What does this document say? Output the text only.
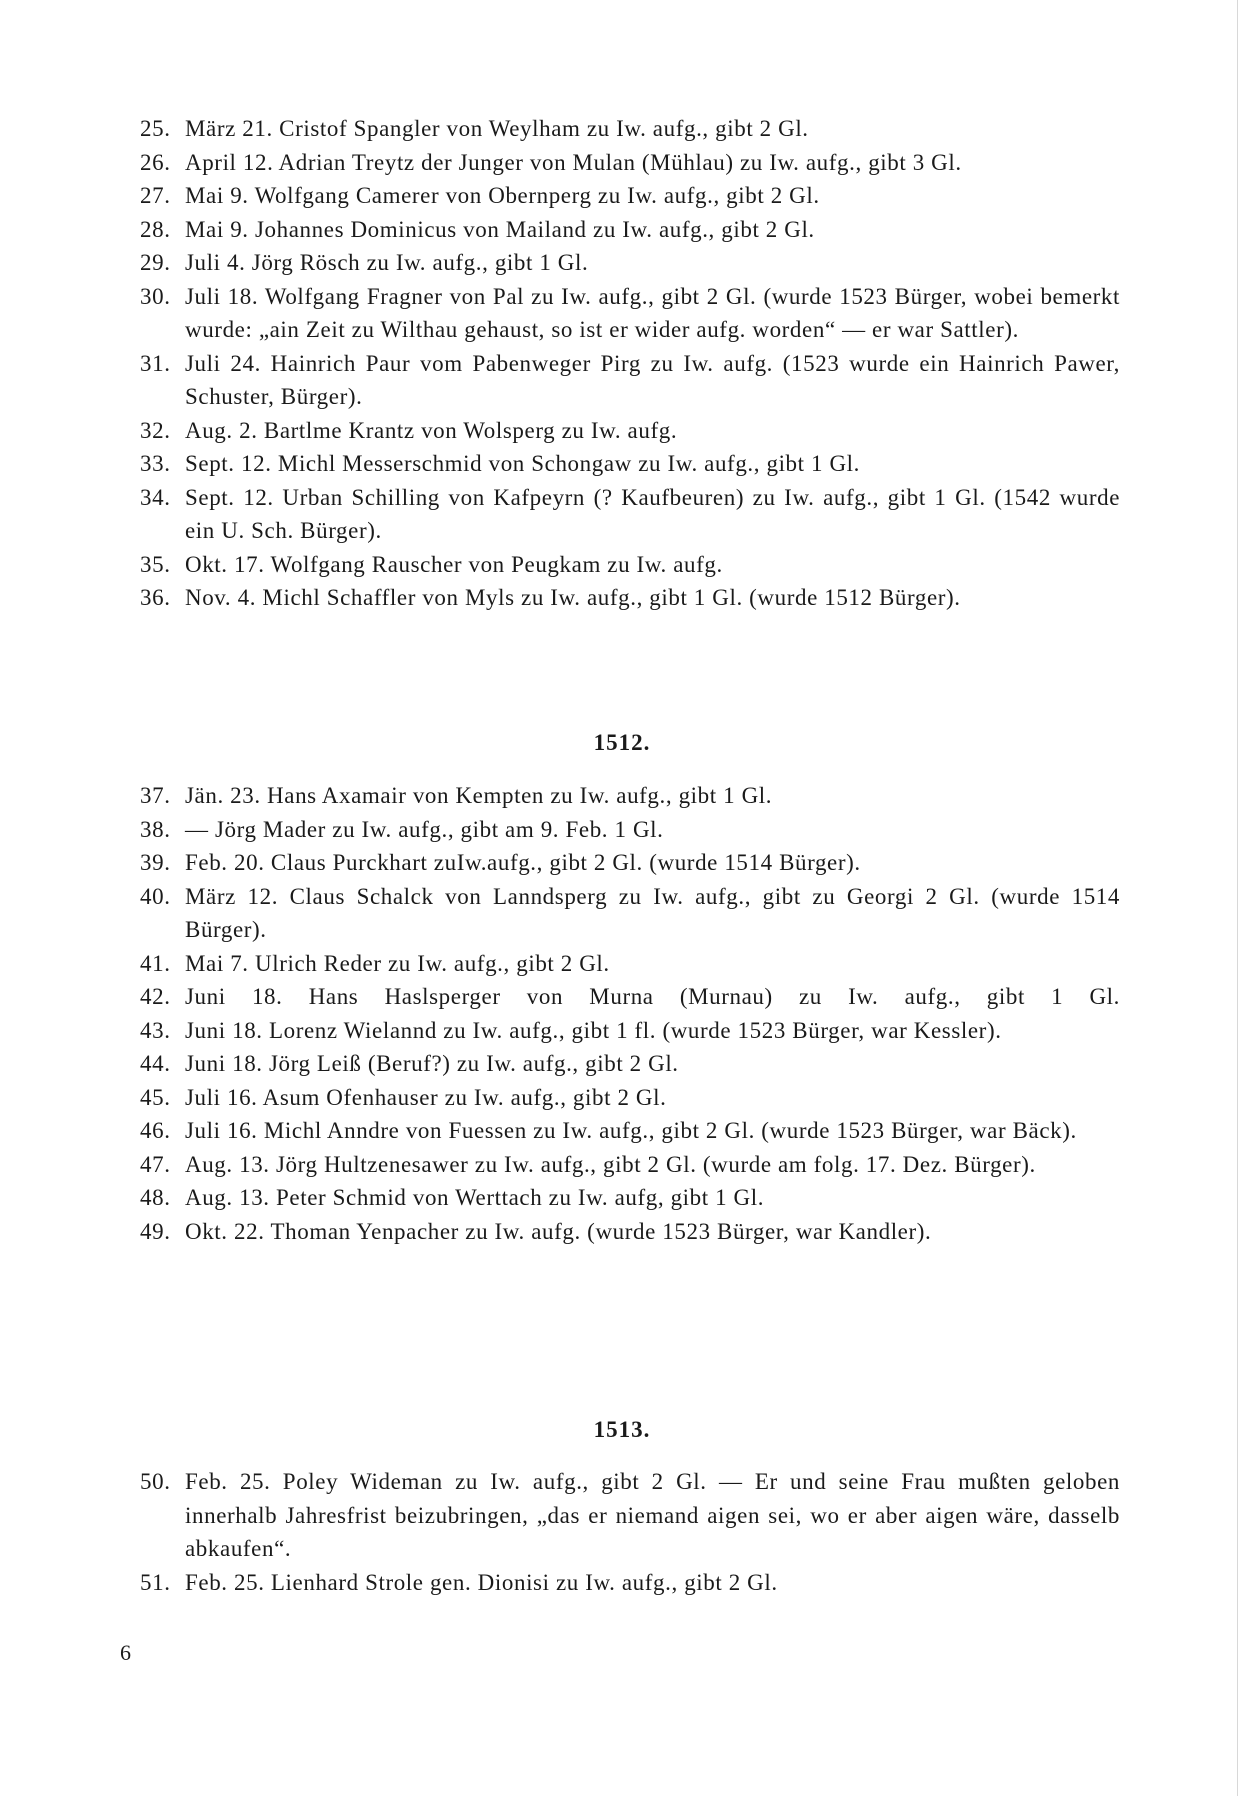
25. März 21. Cristof Spangler von Weylham zu Iw. aufg., gibt 2 Gl.
26. April 12. Adrian Treytz der Junger von Mulan (Mühlau) zu Iw. aufg., gibt 3 Gl.
27. Mai 9. Wolfgang Camerer von Obernperg zu Iw. aufg., gibt 2 Gl.
28. Mai 9. Johannes Dominicus von Mailand zu Iw. aufg., gibt 2 Gl.
29. Juli 4. Jörg Rösch zu Iw. aufg., gibt 1 Gl.
30. Juli 18. Wolfgang Fragner von Pal zu Iw. aufg., gibt 2 Gl. (wurde 1523 Bürger, wobei bemerkt wurde: „ain Zeit zu Wilthau gehaust, so ist er wider aufg. worden“ — er war Sattler).
31. Juli 24. Hainrich Paur vom Pabenweger Pirg zu Iw. aufg. (1523 wurde ein Hainrich Pawer, Schuster, Bürger).
32. Aug. 2. Bartlme Krantz von Wolsperg zu Iw. aufg.
33. Sept. 12. Michl Messerschmid von Schongaw zu Iw. aufg., gibt 1 Gl.
34. Sept. 12. Urban Schilling von Kafpeyrn (? Kaufbeuren) zu Iw. aufg., gibt 1 Gl. (1542 wurde ein U. Sch. Bürger).
35. Okt. 17. Wolfgang Rauscher von Peugkam zu Iw. aufg.
36. Nov. 4. Michl Schaffler von Myls zu Iw. aufg., gibt 1 Gl. (wurde 1512 Bürger).
1512.
37. Jän. 23. Hans Axamair von Kempten zu Iw. aufg., gibt 1 Gl.
38. — Jörg Mader zu Iw. aufg., gibt am 9. Feb. 1 Gl.
39. Feb. 20. Claus Purckhart zuIw.aufg., gibt 2 Gl. (wurde 1514 Bürger).
40. März 12. Claus Schalck von Lanndsperg zu Iw. aufg., gibt zu Georgi 2 Gl. (wurde 1514 Bürger).
41. Mai 7. Ulrich Reder zu Iw. aufg., gibt 2 Gl.
42. Juni 18. Hans Haslsperger von Murna (Murnau) zu Iw. aufg., gibt 1 Gl.
43. Juni 18. Lorenz Wielannd zu Iw. aufg., gibt 1 fl. (wurde 1523 Bürger, war Kessler).
44. Juni 18. Jörg Leiß (Beruf?) zu Iw. aufg., gibt 2 Gl.
45. Juli 16. Asum Ofenhauser zu Iw. aufg., gibt 2 Gl.
46. Juli 16. Michl Anndre von Fuessen zu Iw. aufg., gibt 2 Gl. (wurde 1523 Bürger, war Bäck).
47. Aug. 13. Jörg Hultzenesawer zu Iw. aufg., gibt 2 Gl. (wurde am folg. 17. Dez. Bürger).
48. Aug. 13. Peter Schmid von Werttach zu Iw. aufg, gibt 1 Gl.
49. Okt. 22. Thoman Yenpacher zu Iw. aufg. (wurde 1523 Bürger, war Kandler).
1513.
50. Feb. 25. Poley Wideman zu Iw. aufg., gibt 2 Gl. — Er und seine Frau mußten geloben innerhalb Jahresfrist beizubringen, „das er niemand aigen sei, wo er aber aigen wäre, dasselb abkaufen“.
51. Feb. 25. Lienhard Strole gen. Dionisi zu Iw. aufg., gibt 2 Gl.
6
